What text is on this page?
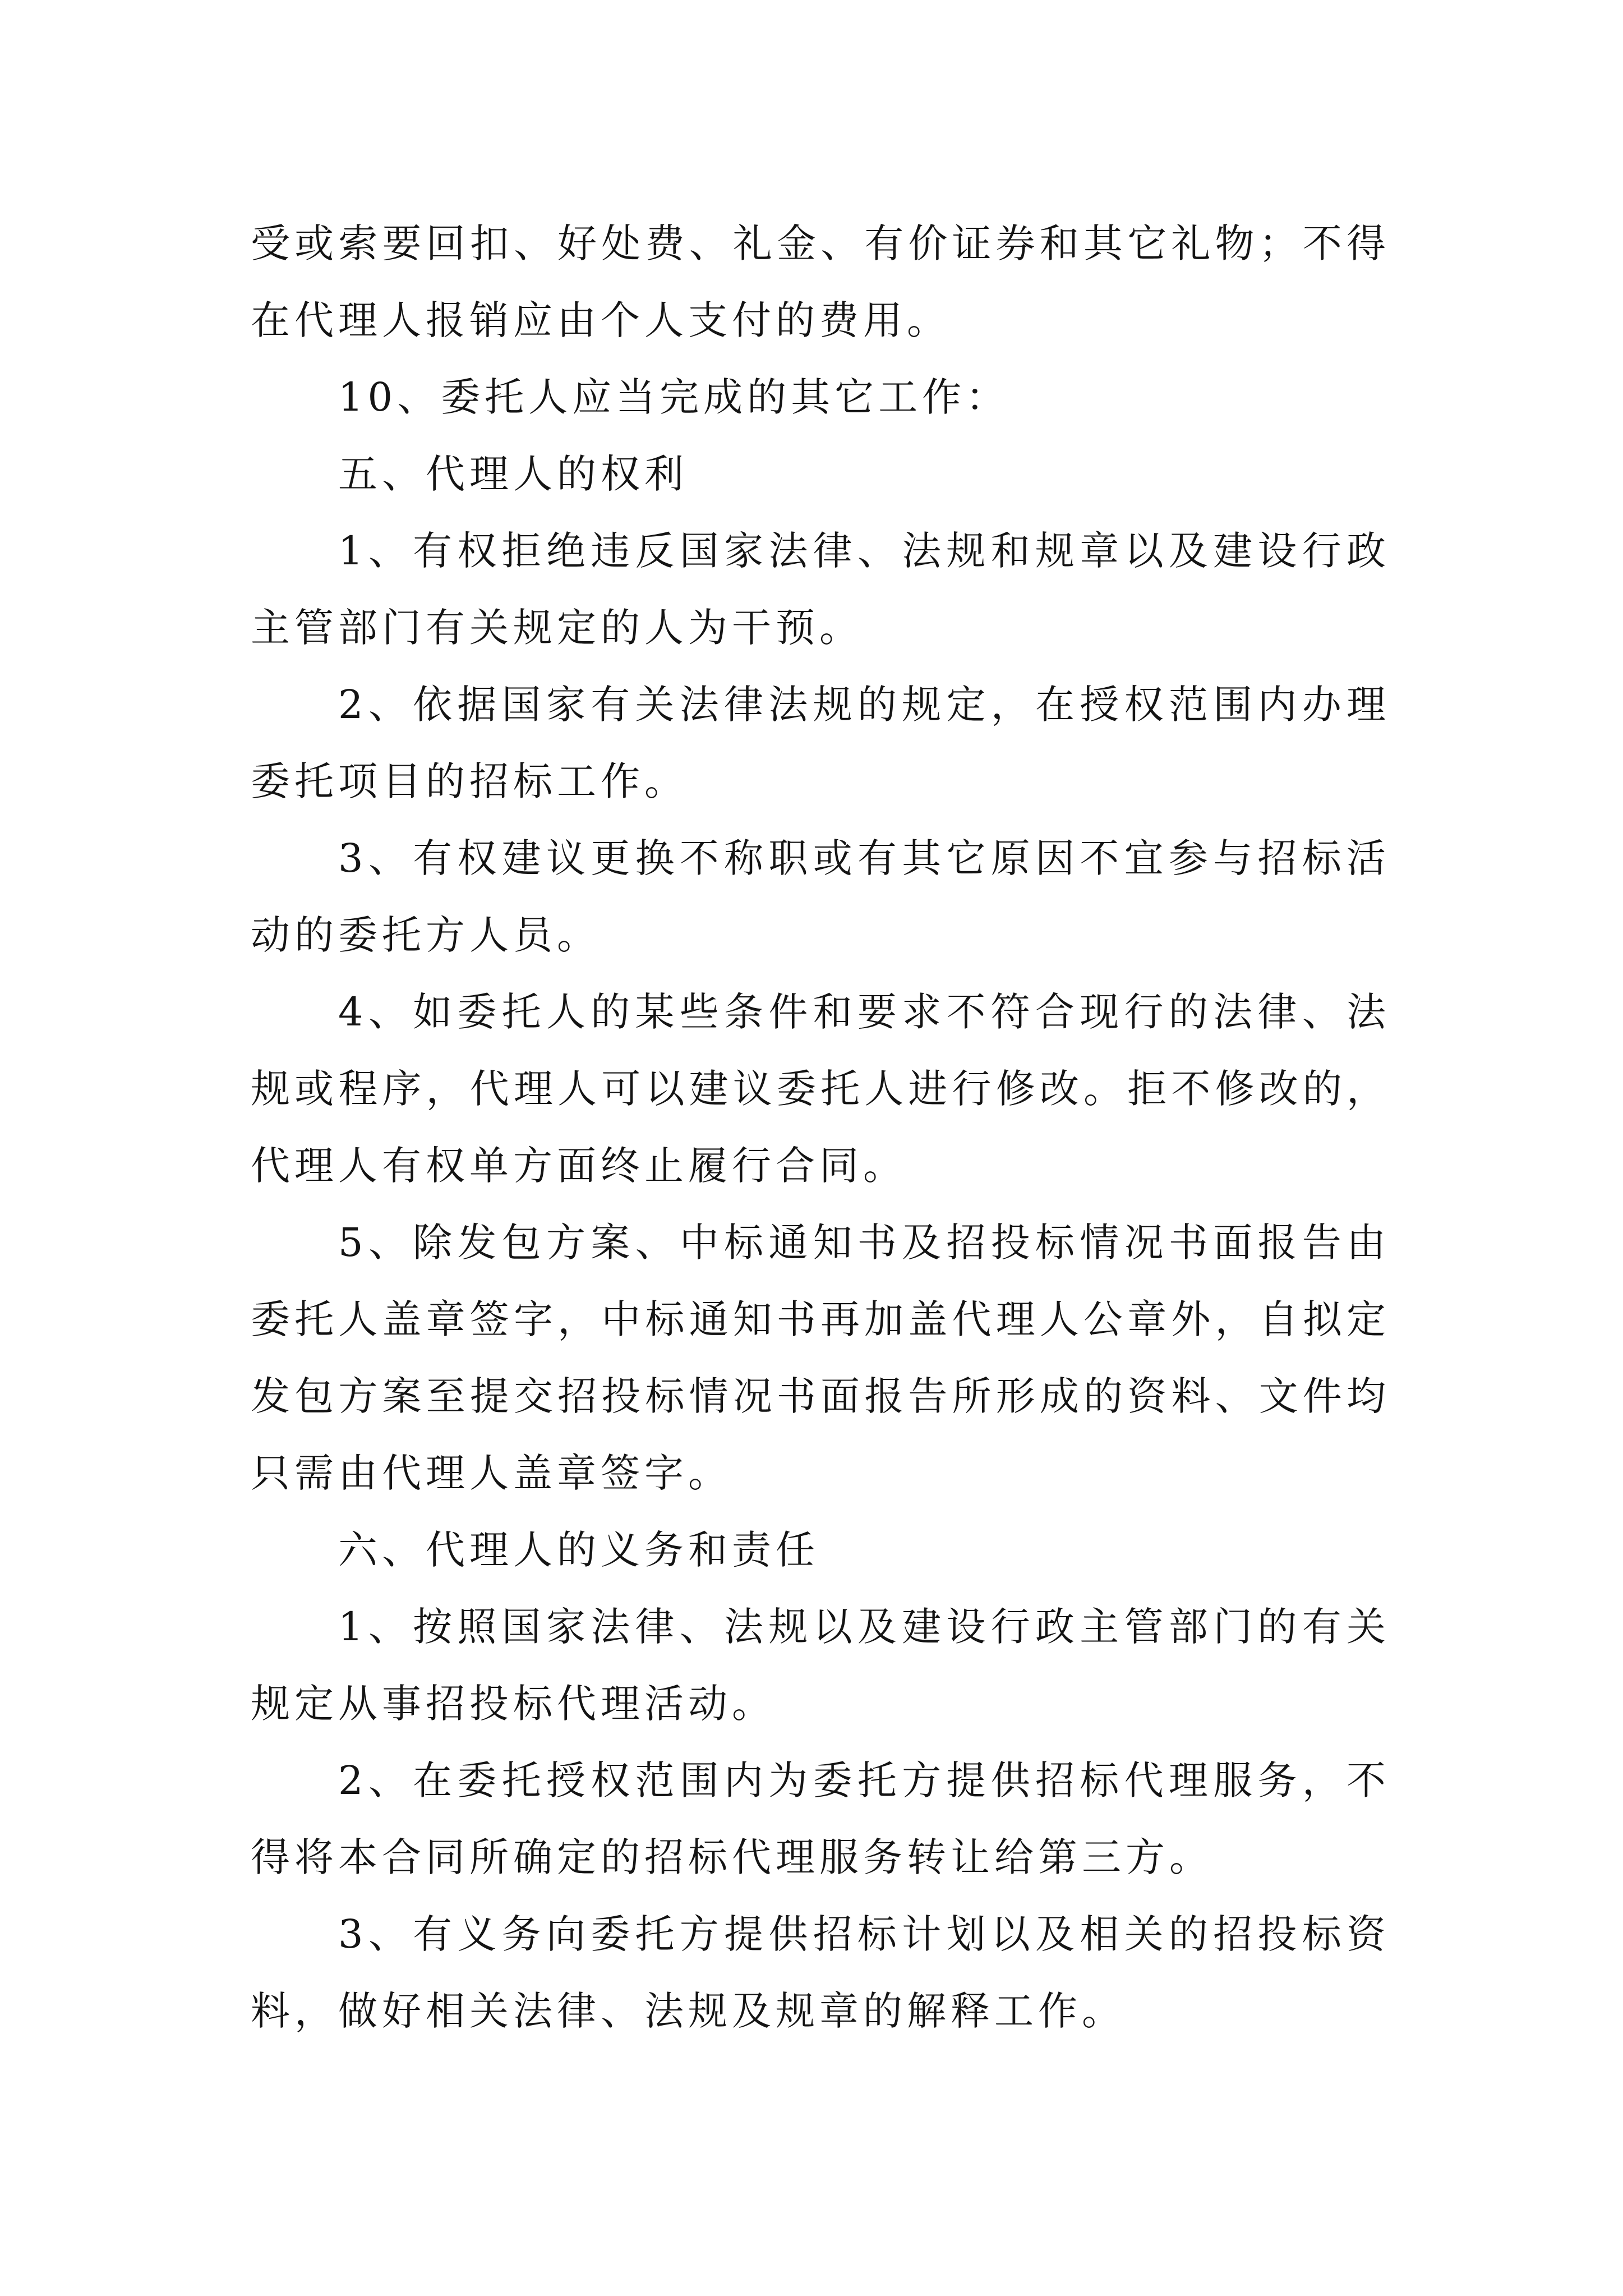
受或索要回扣、好处费、礼金、有价证券和其它礼物；不得
在代理人报销应由个人支付的费用。
10、委托人应当完成的其它工作：
五、代理人的权利
1、有权拒绝违反国家法律、法规和规章以及建设行政
主管部门有关规定的人为干预。
2、依据国家有关法律法规的规定，在授权范围内办理
委托项目的招标工作。
3、有权建议更换不称职或有其它原因不宜参与招标活
动的委托方人员。
4、如委托人的某些条件和要求不符合现行的法律、法
规或程序，代理人可以建议委托人进行修改。拒不修改的，
代理人有权单方面终止履行合同。
5、除发包方案、中标通知书及招投标情况书面报告由
委托人盖章签字，中标通知书再加盖代理人公章外，自拟定
发包方案至提交招投标情况书面报告所形成的资料、文件均
只需由代理人盖章签字。
六、代理人的义务和责任
1、按照国家法律、法规以及建设行政主管部门的有关
规定从事招投标代理活动。
2、在委托授权范围内为委托方提供招标代理服务，不
得将本合同所确定的招标代理服务转让给第三方。
3、有义务向委托方提供招标计划以及相关的招投标资
料，做好相关法律、法规及规章的解释工作。
